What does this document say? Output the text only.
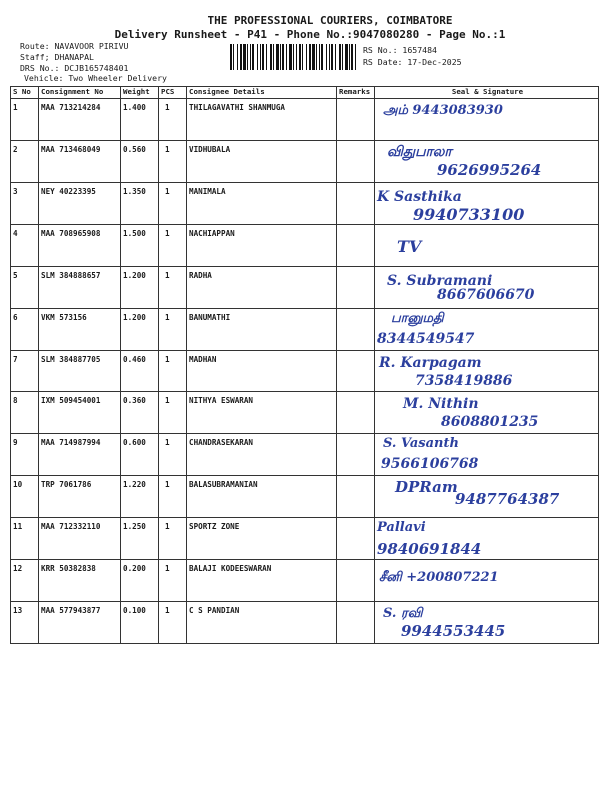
THE PROFESSIONAL COURIERS, COIMBATORE
Delivery Runsheet - P41 - Phone No.:9047080280 - Page No.:1
Route: NAVAVOOR PIRIVU
Staff; DHANAPAL
DRS No.: DCJB165748401
Vehicle: Two Wheeler Delivery
RS No.: 1657484
RS Date: 17-Dec-2025
S No	Consignment No	Weight	PCS	Consignee Details	Remarks	Seal & Signature

1	MAA 713214284	1.400	1	THILAGAVATHI SHANMUGA		அம் 9443083930

2	MAA 713468049	0.560	1	VIDHUBALA		விதுபாலா
9626995264

3	NEY 40223395	1.350	1	MANIMALA		K Sasthika
9940733100

4	MAA 708965908	1.500	1	NACHIAPPAN		TV

5	SLM 384888657	1.200	1	RADHA		S. Subramani
8667606670

6	VKM 573156	1.200	1	BANUMATHI		பானுமதி
8344549547

7	SLM 384887705	0.460	1	MADHAN		R. Karpagam
7358419886

8	IXM 509454001	0.360	1	NITHYA ESWARAN		M. Nithin
8608801235

9	MAA 714987994	0.600	1	CHANDRASEKARAN		S. Vasanth
9566106768

10	TRP 7061786	1.220	1	BALASUBRAMANIAN		DPRam
9487764387

11	MAA 712332110	1.250	1	SPORTZ ZONE		Pallavi
9840691844

12	KRR 50382838	0.200	1	BALAJI KODEESWARAN		சீனி +200807221

13	MAA 577943877	0.100	1	C S PANDIAN		S. ரவி
9944553445
